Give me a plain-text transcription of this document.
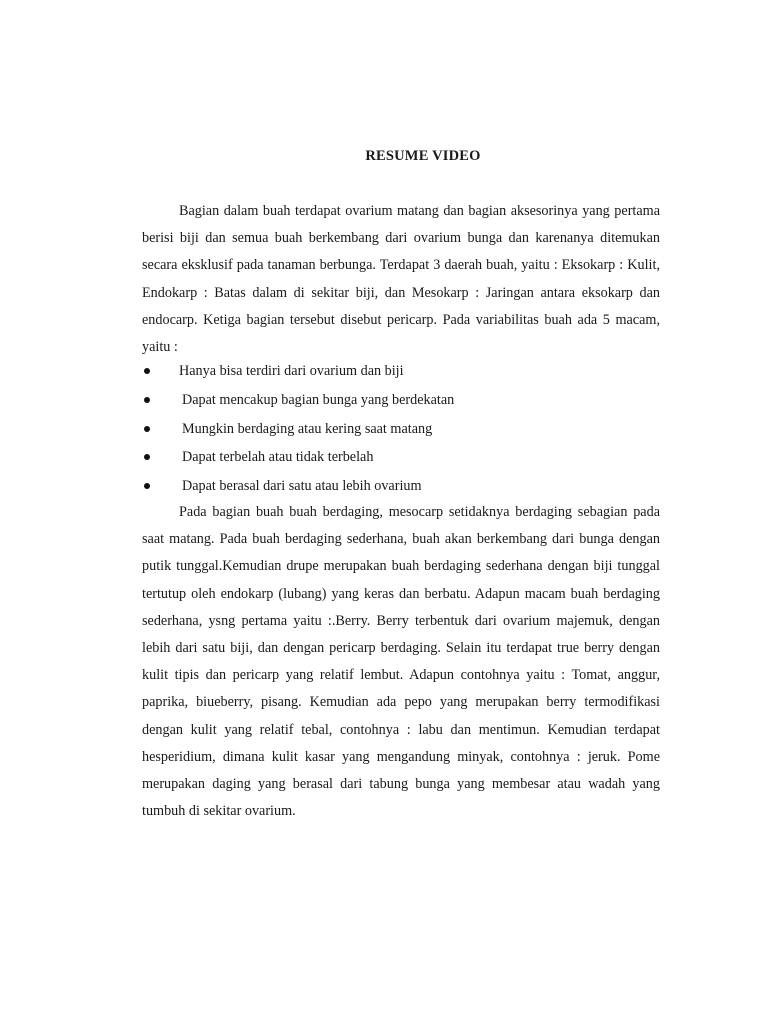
RESUME VIDEO

Bagian dalam buah terdapat ovarium matang dan bagian aksesorinya yang pertama berisi biji dan semua buah berkembang dari ovarium bunga dan karenanya ditemukan secara eksklusif pada tanaman berbunga. Terdapat 3 daerah buah, yaitu : Eksokarp : Kulit, Endokarp : Batas dalam di sekitar biji, dan Mesokarp : Jaringan antara eksokarp dan endocarp. Ketiga bagian tersebut disebut pericarp. Pada variabilitas buah ada 5 macam, yaitu :

Hanya bisa terdiri dari ovarium dan biji
Dapat mencakup bagian bunga yang berdekatan
Mungkin berdaging atau kering saat matang
Dapat terbelah atau tidak terbelah
Dapat berasal dari satu atau lebih ovarium

Pada bagian buah buah berdaging, mesocarp setidaknya berdaging sebagian pada saat matang. Pada buah berdaging sederhana, buah akan berkembang dari bunga dengan putik tunggal.Kemudian drupe merupakan buah berdaging sederhana dengan biji tunggal tertutup oleh endokarp (lubang) yang keras dan berbatu. Adapun macam buah berdaging sederhana, ysng pertama yaitu :.Berry. Berry terbentuk dari ovarium majemuk, dengan lebih dari satu biji, dan dengan pericarp berdaging. Selain itu terdapat true berry dengan kulit tipis dan pericarp yang relatif lembut. Adapun contohnya yaitu : Tomat, anggur, paprika, biueberry, pisang. Kemudian ada pepo yang merupakan berry termodifikasi dengan kulit yang relatif tebal, contohnya : labu dan mentimun. Kemudian terdapat hesperidium, dimana kulit kasar yang mengandung minyak, contohnya : jeruk. Pome merupakan daging yang berasal dari tabung bunga yang membesar atau wadah yang tumbuh di sekitar ovarium.
